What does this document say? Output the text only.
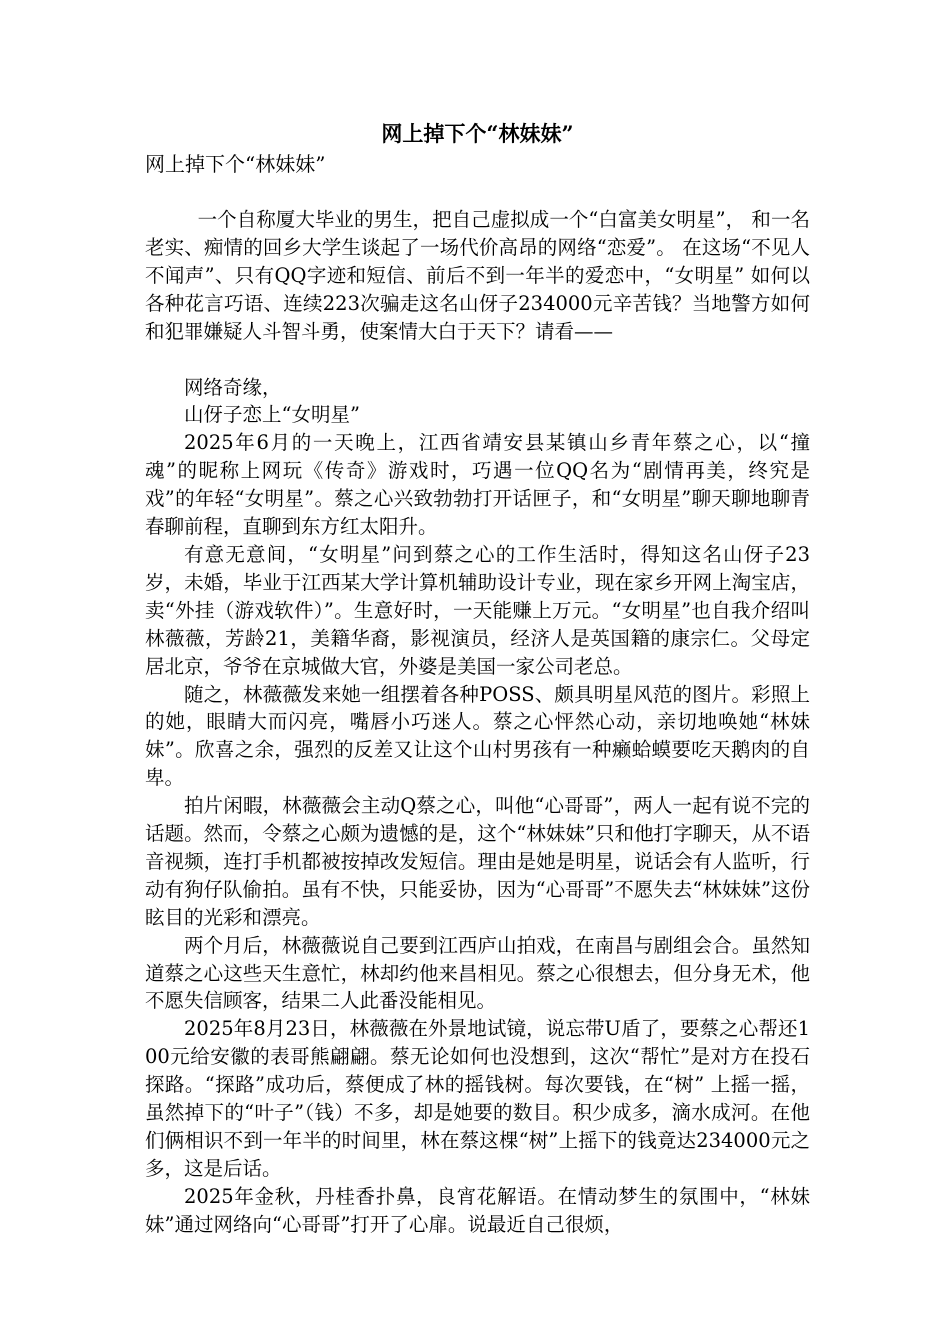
网上掉下个“林妹妹”

网上掉下个“林妹妹”

一个自称厦大毕业的男生，把自己虚拟成一个“白富美女明星”， 和一名老实、痴情的回乡大学生谈起了一场代价高昂的网络“恋爱”。 在这场“不见人不闻声”、只有QQ字迹和短信、前后不到一年半的爱恋中，“女明星” 如何以各种花言巧语、连续223次骗走这名山伢子234000元辛苦钱？当地警方如何和犯罪嫌疑人斗智斗勇，使案情大白于天下？请看——

网络奇缘，

山伢子恋上“女明星”

2025年6月的一天晚上，江西省靖安县某镇山乡青年蔡之心，以“撞魂”的昵称上网玩《传奇》游戏时，巧遇一位QQ名为“剧情再美，终究是戏”的年轻“女明星”。蔡之心兴致勃勃打开话匣子，和“女明星”聊天聊地聊青春聊前程，直聊到东方红太阳升。

有意无意间，“女明星”问到蔡之心的工作生活时，得知这名山伢子23岁，未婚，毕业于江西某大学计算机辅助设计专业，现在家乡开网上淘宝店，卖“外挂（游戏软件）”。生意好时，一天能赚上万元。“女明星”也自我介绍叫林薇薇，芳龄21，美籍华裔，影视演员，经济人是英国籍的康宗仁。父母定居北京，爷爷在京城做大官，外婆是美国一家公司老总。

随之，林薇薇发来她一组摆着各种POSS、颇具明星风范的图片。彩照上的她，眼睛大而闪亮，嘴唇小巧迷人。蔡之心怦然心动，亲切地唤她“林妹妹”。欣喜之余，强烈的反差又让这个山村男孩有一种癞蛤蟆要吃天鹅肉的自卑。

拍片闲暇，林薇薇会主动Q蔡之心，叫他“心哥哥”，两人一起有说不完的话题。然而，令蔡之心颇为遗憾的是，这个“林妹妹”只和他打字聊天，从不语音视频，连打手机都被按掉改发短信。理由是她是明星，说话会有人监听，行动有狗仔队偷拍。虽有不快，只能妥协，因为“心哥哥”不愿失去“林妹妹”这份眩目的光彩和漂亮。

两个月后，林薇薇说自己要到江西庐山拍戏，在南昌与剧组会合。虽然知道蔡之心这些天生意忙，林却约他来昌相见。蔡之心很想去，但分身无术，他不愿失信顾客，结果二人此番没能相见。

2025年8月23日，林薇薇在外景地试镜，说忘带U盾了，要蔡之心帮还100元给安徽的表哥熊翩翩。蔡无论如何也没想到，这次“帮忙”是对方在投石探路。“探路”成功后，蔡便成了林的摇钱树。每次要钱，在“树” 上摇一摇，虽然掉下的“叶子”（钱）不多，却是她要的数目。积少成多，滴水成河。在他们俩相识不到一年半的时间里，林在蔡这棵“树”上摇下的钱竟达234000元之多，这是后话。

2025年金秋，丹桂香扑鼻，良宵花解语。在情动梦生的氛围中，“林妹妹”通过网络向“心哥哥”打开了心扉。说最近自己很烦，
